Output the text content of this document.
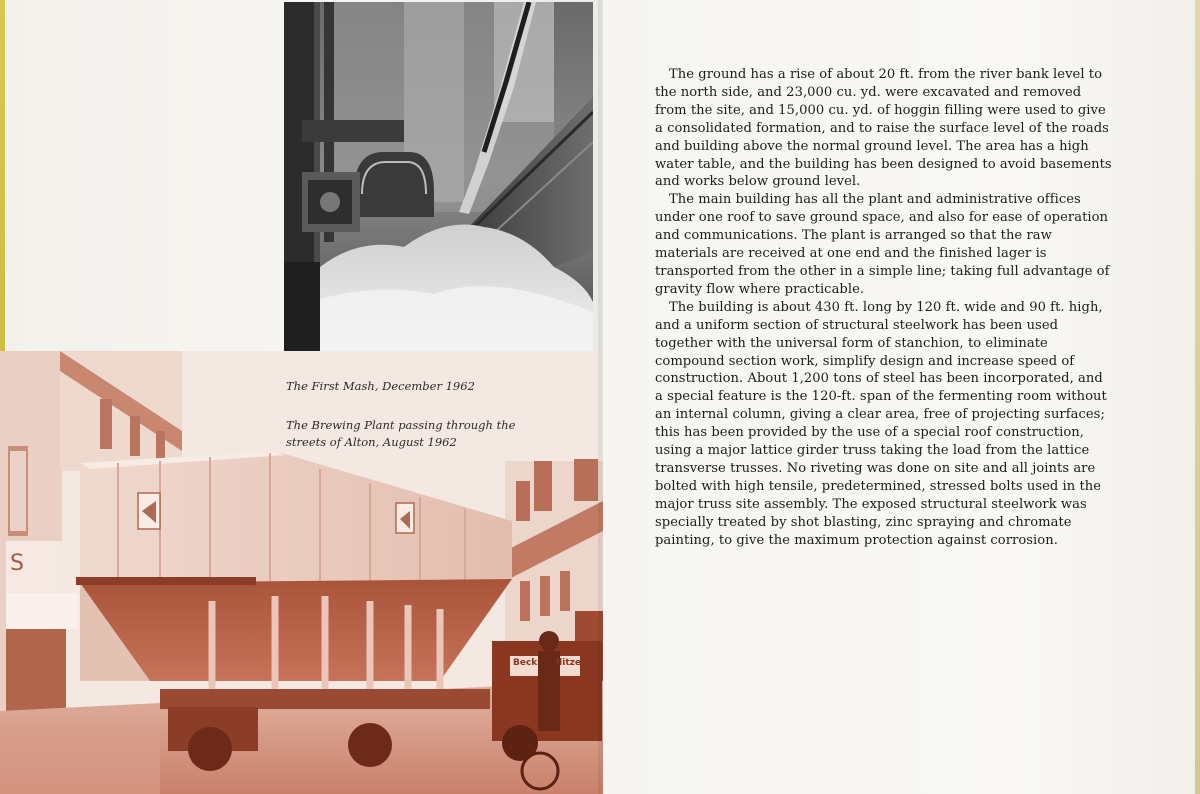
S
Beck      llitzer

The First Mash, December 1962

The Brewing Plant passing through the streets of Alton, August 1962

The ground has a rise of about 20 ft. from the river bank level to the north side, and 23,000 cu. yd. were excavated and removed from the site, and 15,000 cu. yd. of hoggin filling were used to give a consolidated formation, and to raise the surface level of the roads and building above the normal ground level. The area has a high water table, and the building has been designed to avoid basements and works below ground level.

The main building has all the plant and administrative offices under one roof to save ground space, and also for ease of operation and communications. The plant is arranged so that the raw materials are received at one end and the finished lager is transported from the other in a simple line; taking full advantage of gravity flow where practicable.

The building is about 430 ft. long by 120 ft. wide and 90 ft. high, and a uniform section of structural steelwork has been used together with the universal form of stanchion, to eliminate compound section work, simplify design and increase speed of construction. About 1,200 tons of steel has been incorporated, and a special feature is the 120-ft. span of the fermenting room without an internal column, giving a clear area, free of projecting surfaces; this has been provided by the use of a special roof construction, using a major lattice girder truss taking the load from the lattice transverse trusses. No riveting was done on site and all joints are bolted with high tensile, predetermined, stressed bolts used in the major truss site assembly. The exposed structural steelwork was specially treated by shot blasting, zinc spraying and chromate painting, to give the maximum protection against corrosion.
